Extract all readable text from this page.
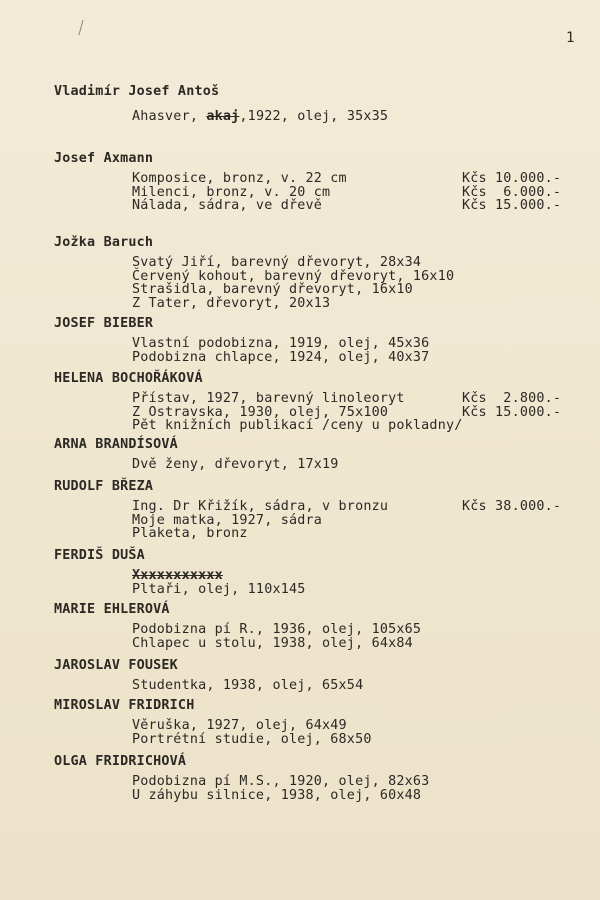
1
Vladimír Josef Antoš
Ahasver, akaj,1922, olej, 35x35
Josef Axmann
Komposice, bronz, v. 22 cm	Kčs 10.000.-
Milenci, bronz, v. 20 cm	Kčs  6.000.-
Nálada, sádra, ve dřevě	Kčs 15.000.-
Jožka Baruch
Svatý Jiří, barevný dřevoryt, 28x34
Červený kohout, barevný dřevoryt, 16x10
Strašidla, barevný dřevoryt, 16x10
Z Tater, dřevoryt, 20x13
JOSEF BIEBER
Vlastní podobizna, 1919, olej, 45x36
Podobizna chlapce, 1924, olej, 40x37
HELENA BOCHOŘÁKOVÁ
Přístav, 1927, barevný linoleoryt	Kčs  2.800.-
Z Ostravska, 1930, olej, 75x100	Kčs 15.000.-
Pět knižních publikací /ceny u pokladny/
ARNA BRANDÍSOVÁ
Dvě ženy, dřevoryt, 17x19
RUDOLF BŘEZA
Ing. Dr Křižík, sádra, v bronzu	Kčs 38.000.-
Moje matka, 1927, sádra
Plaketa, bronz
FERDIŠ DUŠA
Xxxxxxxxxxx
Pltaři, olej, 110x145
MARIE EHLEROVÁ
Podobizna pí R., 1936, olej, 105x65
Chlapec u stolu, 1938, olej, 64x84
JAROSLAV FOUSEK
Studentka, 1938, olej, 65x54
MIROSLAV FRIDRICH
Věruška, 1927, olej, 64x49
Portrétní studie, olej, 68x50
OLGA FRIDRICHOVÁ
Podobizna pí M.S., 1920, olej, 82x63
U záhybu silnice, 1938, olej, 60x48
